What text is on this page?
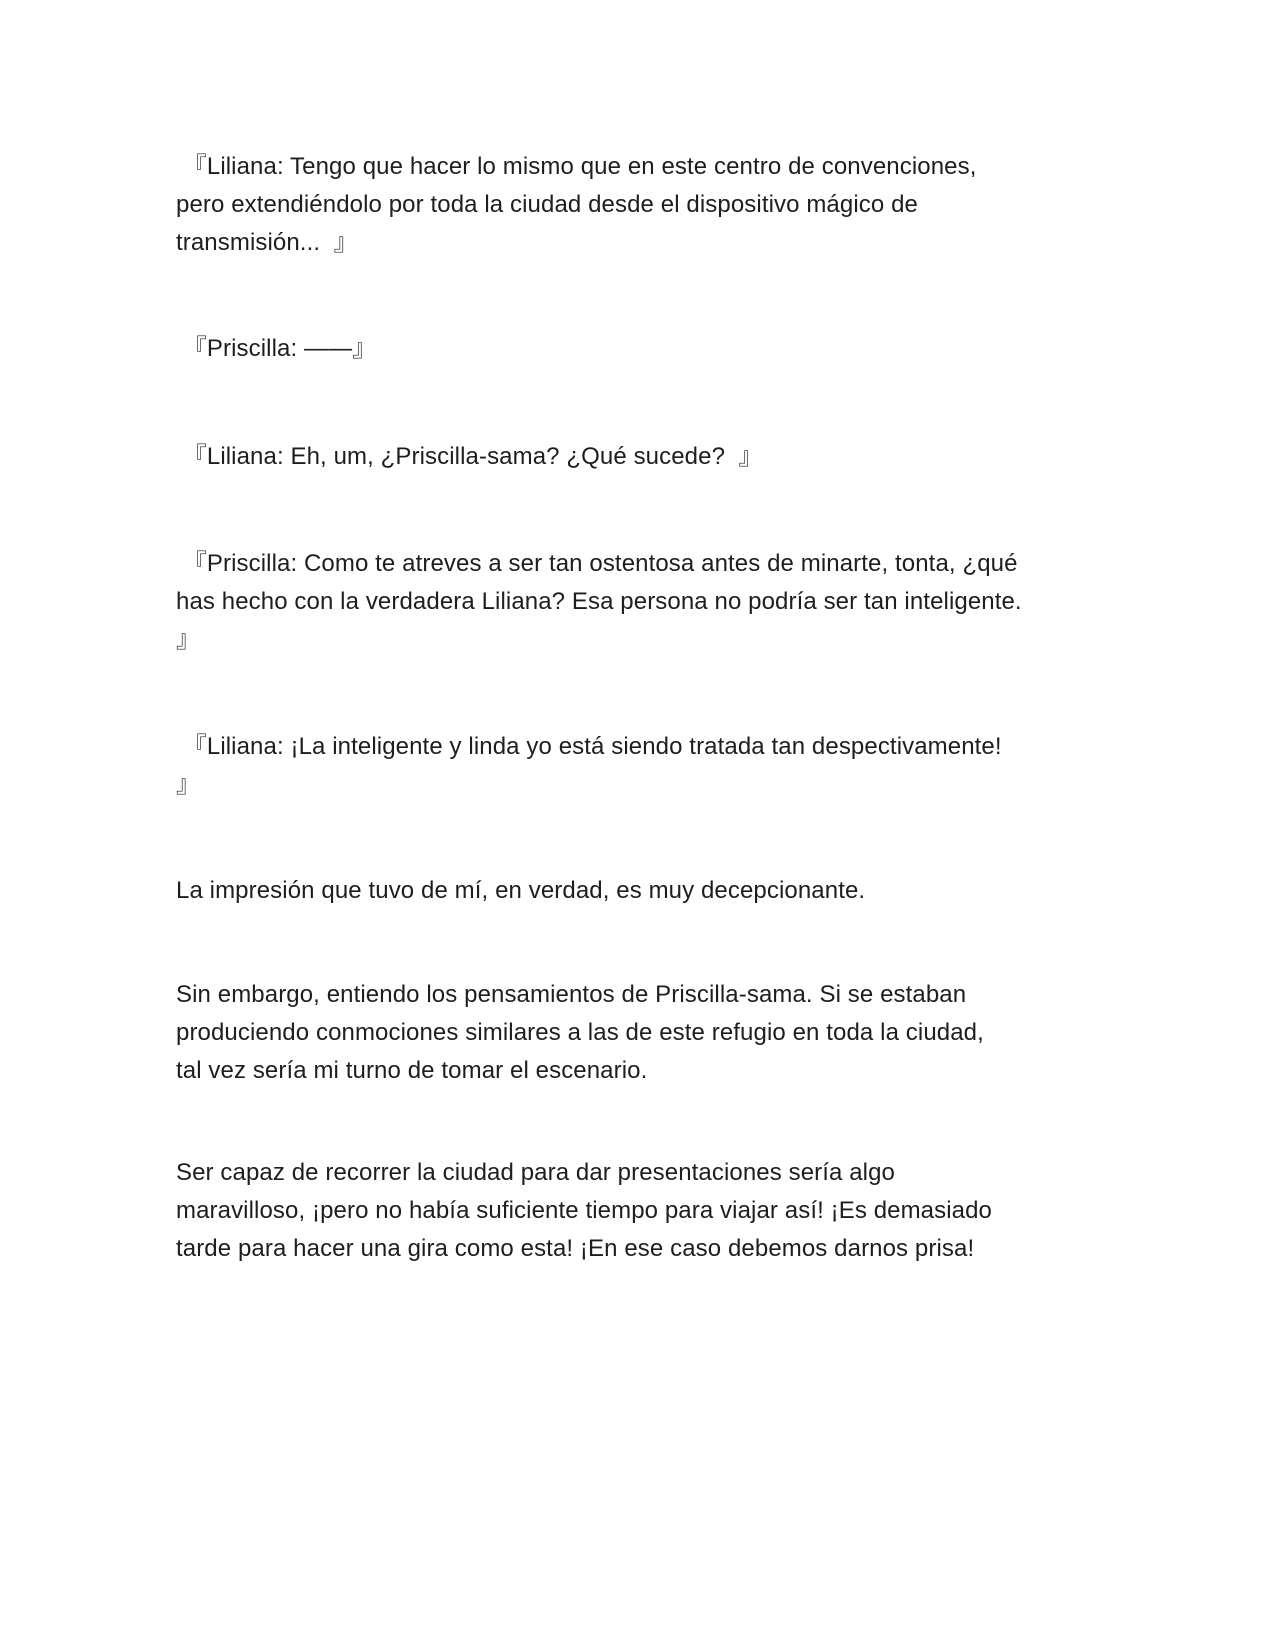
『Liliana: Tengo que hacer lo mismo que en este centro de convenciones,
pero extendiéndolo por toda la ciudad desde el dispositivo mágico de
transmisión...  』

『Priscilla: ——』

『Liliana: Eh, um, ¿Priscilla-sama? ¿Qué sucede?  』

『Priscilla: Como te atreves a ser tan ostentosa antes de minarte, tonta, ¿qué
has hecho con la verdadera Liliana? Esa persona no podría ser tan inteligente.
』

『Liliana: ¡La inteligente y linda yo está siendo tratada tan despectivamente!
』

La impresión que tuvo de mí, en verdad, es muy decepcionante.

Sin embargo, entiendo los pensamientos de Priscilla-sama. Si se estaban
produciendo conmociones similares a las de este refugio en toda la ciudad,
tal vez sería mi turno de tomar el escenario.

Ser capaz de recorrer la ciudad para dar presentaciones sería algo
maravilloso, ¡pero no había suficiente tiempo para viajar así! ¡Es demasiado
tarde para hacer una gira como esta! ¡En ese caso debemos darnos prisa!
